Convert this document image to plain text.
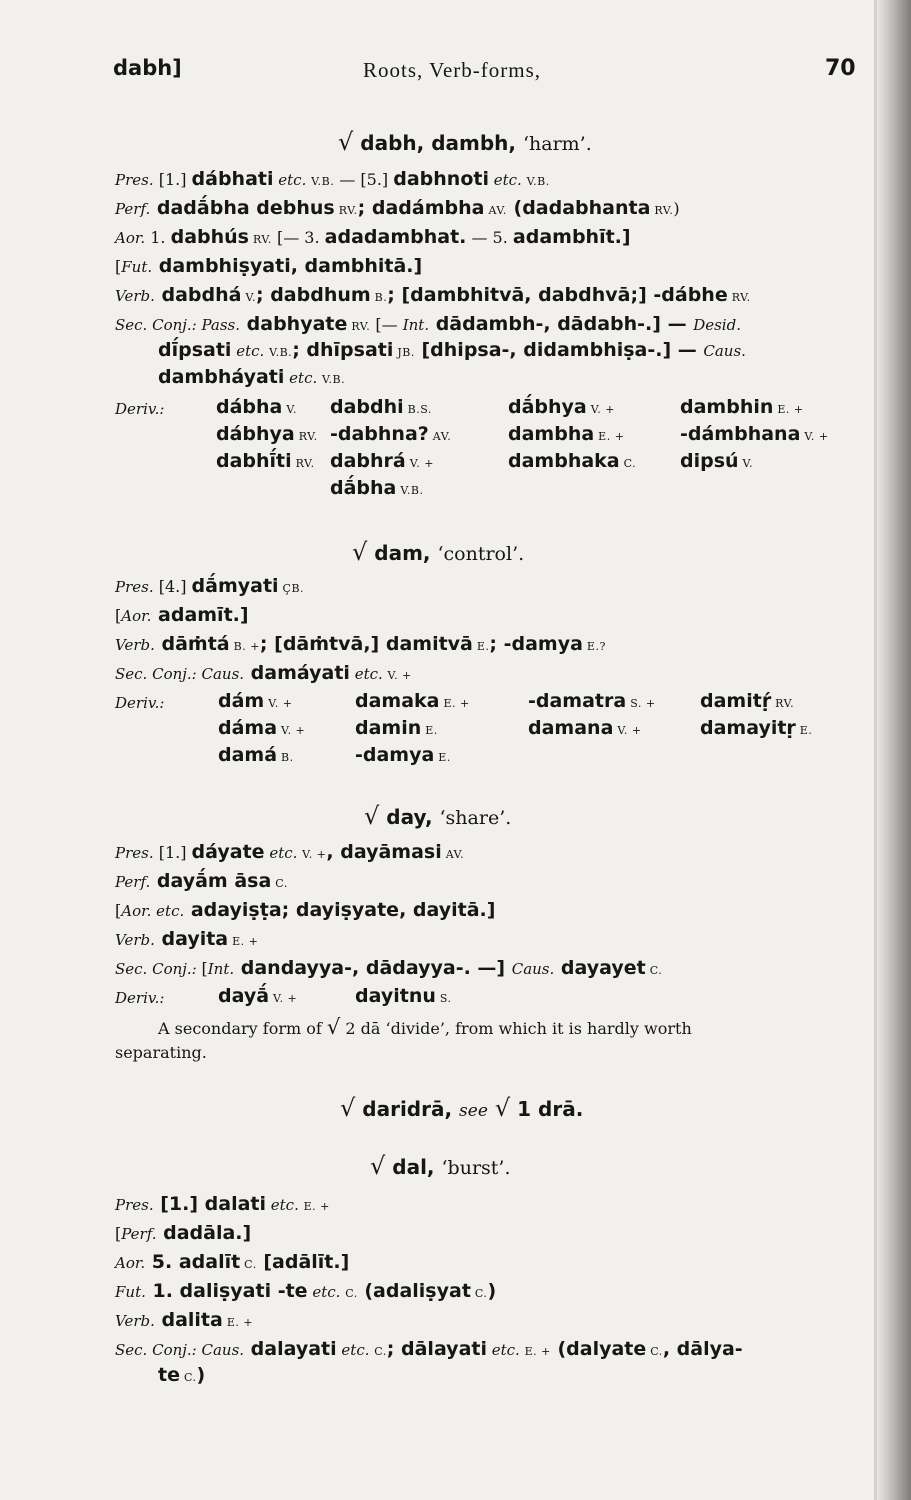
dabh]	Roots, Verb-forms,	70
√ dabh, dambh, ‘harm’.
Pres. [1.] dábhati etc. V.B. — [5.] dabhnoti etc. V.B.
Perf. dadā́bha debhus RV.; dadámbha AV. (dadabhanta RV.)
Aor. 1. dabhús RV. [— 3. adadambhat. — 5. adambhīt.]
[Fut. dambhiṣyati, dambhitā.]
Verb. dabdhá V.; dabdhum B.; [dambhitvā, dabdhvā;] -dábhe RV.
Sec. Conj.: Pass. dabhyate RV. [— Int. dādambh-, dādabh-.] — Desid.
dī́psati etc. V.B.; dhīpsati JB. [dhipsa-, didambhiṣa-.] — Caus.
dambháyati etc. V.B.
Deriv.:	dábha V. dabdhi B.S.	dā́bhya V. +	dambhin E. +
dábhya RV. -dabhna? AV.	dambha E. +	-dámbhana V. +
dabhī́ti RV. dabhrá V. +	dambhaka C. dipsú V.
dā́bha V.B.
√ dam, ‘control’.
Pres. [4.] dā́myati ÇB.
[Aor. adamīt.]
Verb. dāṁtá B. +; [dāṁtvā,] damitvā E.; -damya E.?
Sec. Conj.: Caus. damáyati etc. V. +
Deriv.:	dám V. +	damaka E. +	-damatra S. + damitṛ́ RV.
dáma V. +	damin E.	damana V. +	damayitṛ E.
damá B.	-damya E.
√ day, ‘share’.
Pres. [1.] dáyate etc. V. +, dayāmasi AV.
Perf. dayā́m āsa C.
[Aor. etc. adayiṣṭa; dayiṣyate, dayitā.]
Verb. dayita E. +
Sec. Conj.: [Int. dandayya-, dādayya-. —] Caus. dayayet C.
Deriv.:	dayā́ V. +	dayitnu S.
A secondary form of √ 2 dā ‘divide’, from which it is hardly worth
separating.
√ daridrā, see √ 1 drā.
√ dal, ‘burst’.
Pres. [1.] dalati etc. E. +
[Perf. dadāla.]
Aor. 5. adalīt C. [adālīt.]
Fut. 1. daliṣyati -te etc. C. (adaliṣyat C.)
Verb. dalita E. +
Sec. Conj.: Caus. dalayati etc. C.; dālayati etc. E. + (dalyate C., dālya-
te C.)
